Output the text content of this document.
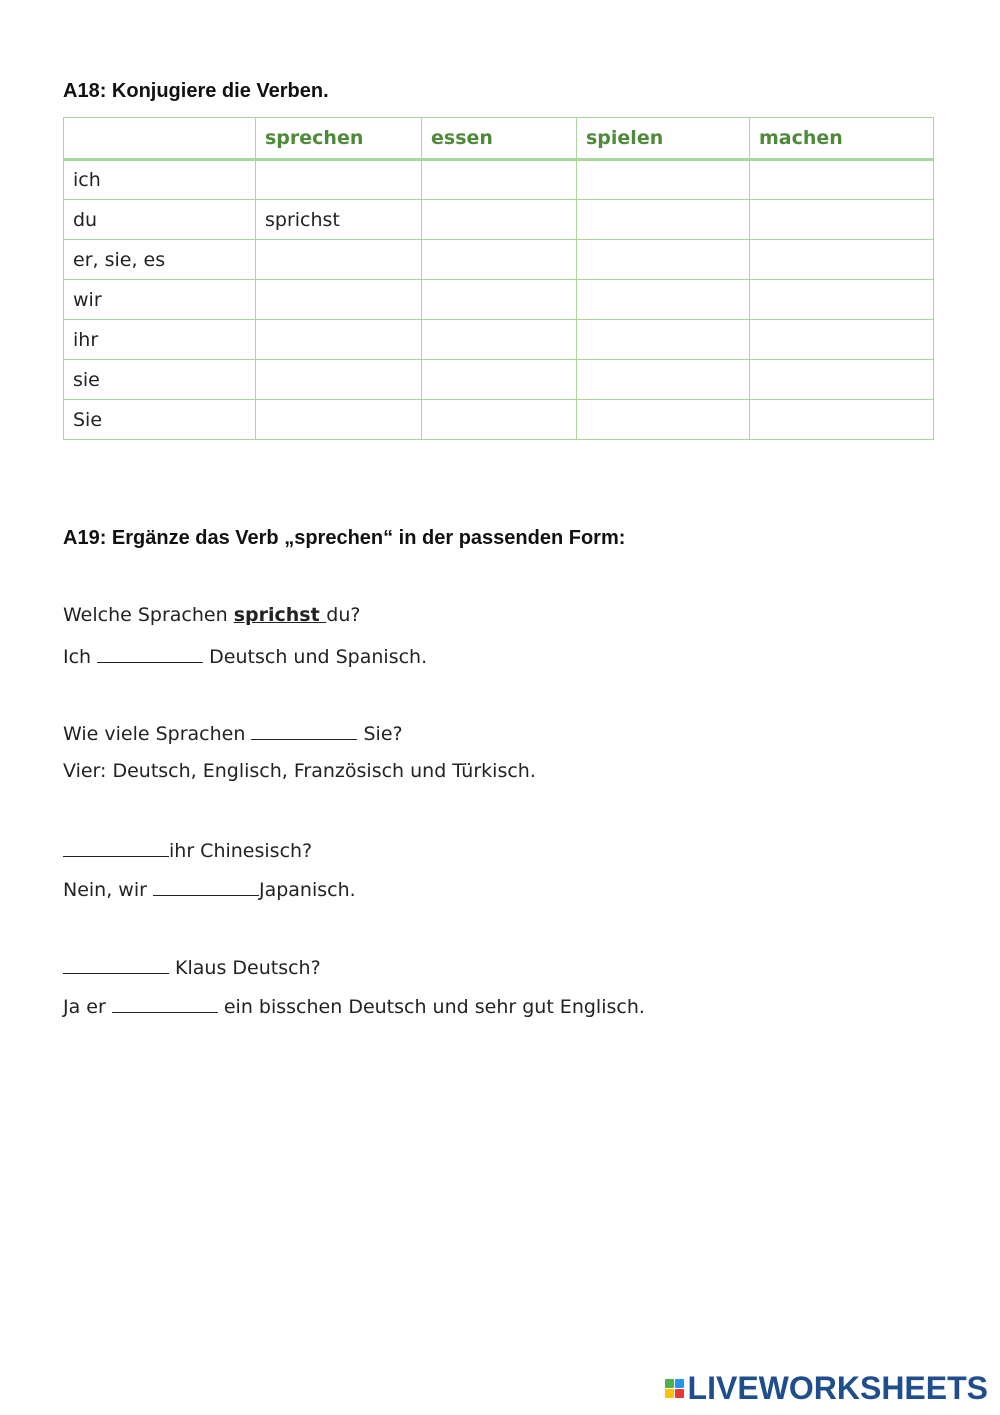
A18: Konjugiere die Verben.
	sprechen	essen	spielen	machen
ich				
du	sprichst			
er, sie, es				
wir				
ihr				
sie				
Sie				
A19: Ergänze das Verb „sprechen“ in der passenden Form:
Welche Sprachen sprichst du?
Ich	Deutsch und Spanisch.
Wie viele Sprachen	Sie?
Vier: Deutsch, Englisch, Französisch und Türkisch.
ihr Chinesisch?
Nein, wir	Japanisch.
Klaus Deutsch?
Ja er	ein bisschen Deutsch und sehr gut Englisch.
LIVEWORKSHEETS
